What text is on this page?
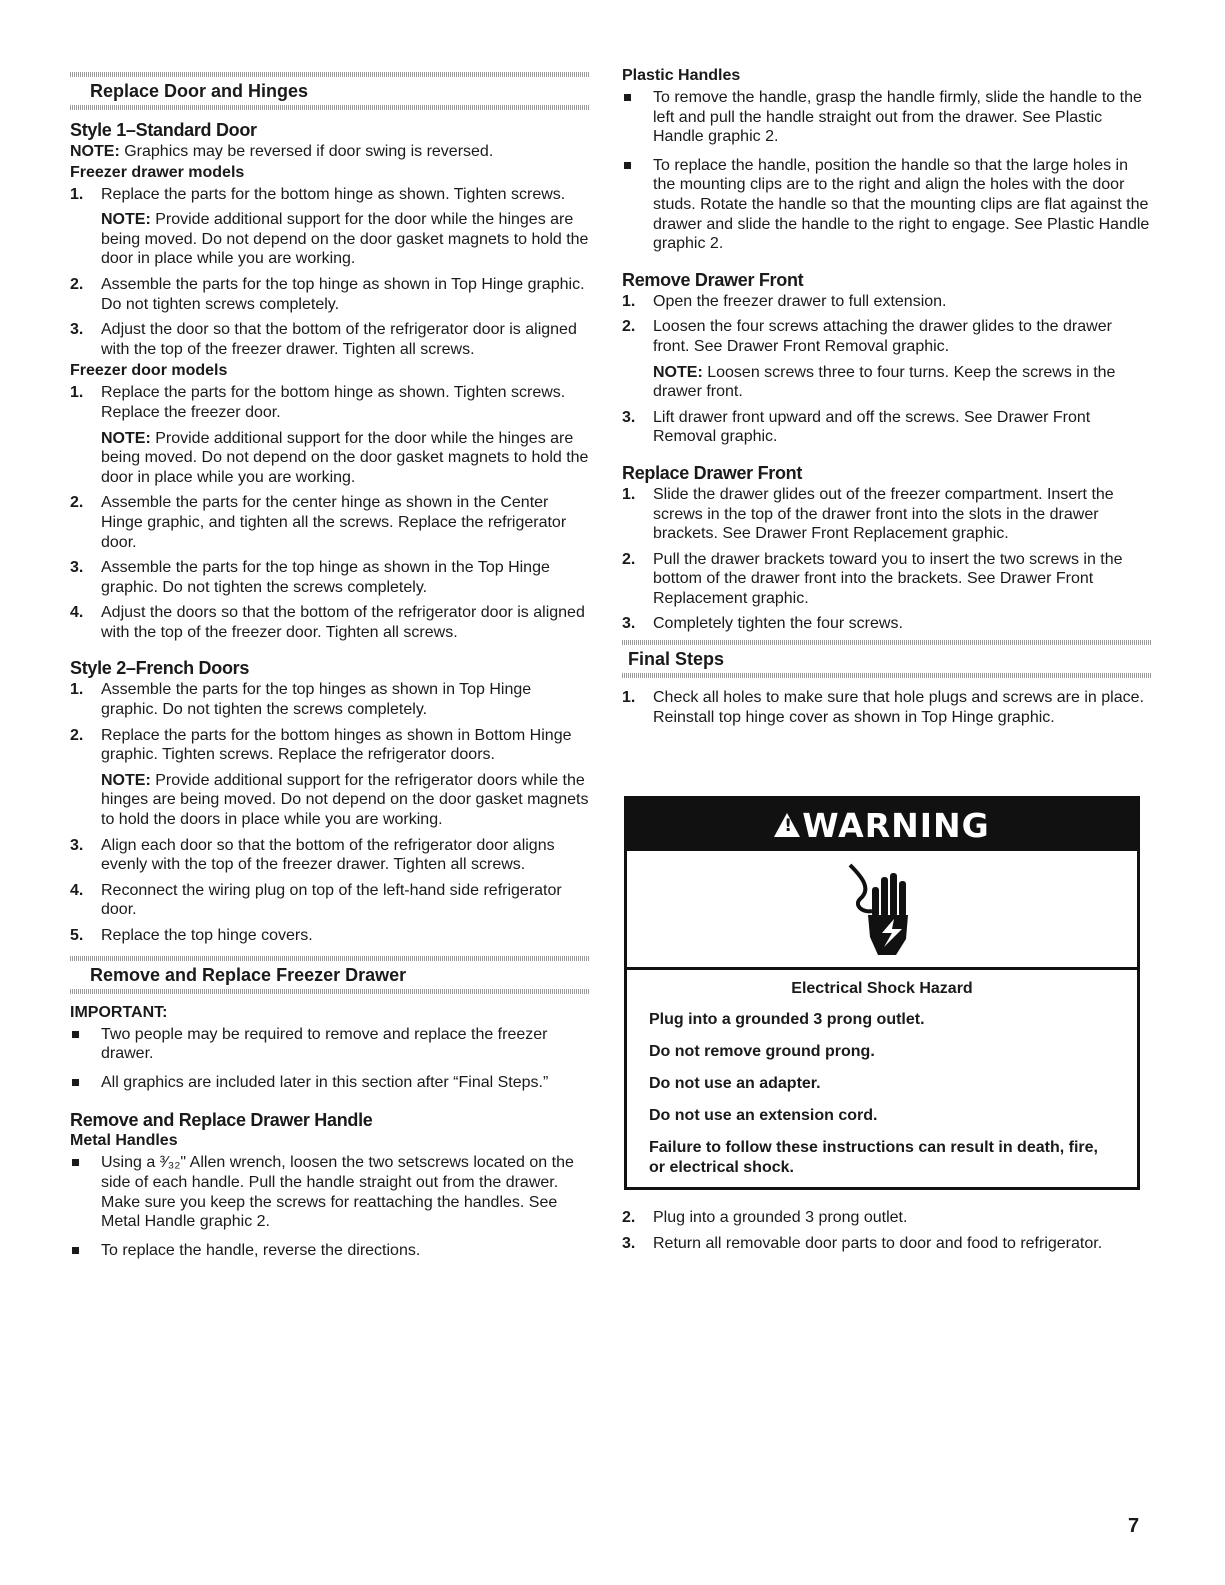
Replace Door and Hinges
Style 1–Standard Door

NOTE: Graphics may be reversed if door swing is reversed.

Freezer drawer models
1. Replace the parts for the bottom hinge as shown. Tighten screws.

NOTE: Provide additional support for the door while the hinges are being moved. Do not depend on the door gasket magnets to hold the door in place while you are working.

2. Assemble the parts for the top hinge as shown in Top Hinge graphic. Do not tighten screws completely.

3. Adjust the door so that the bottom of the refrigerator door is aligned with the top of the freezer drawer. Tighten all screws.

Freezer door models
1. Replace the parts for the bottom hinge as shown. Tighten screws. Replace the freezer door.

NOTE: Provide additional support for the door while the hinges are being moved. Do not depend on the door gasket magnets to hold the door in place while you are working.

2. Assemble the parts for the center hinge as shown in the Center Hinge graphic, and tighten all the screws. Replace the refrigerator door.

3. Assemble the parts for the top hinge as shown in the Top Hinge graphic. Do not tighten the screws completely.

4. Adjust the doors so that the bottom of the refrigerator door is aligned with the top of the freezer door. Tighten all screws.

Style 2–French Doors
1. Assemble the parts for the top hinges as shown in Top Hinge graphic. Do not tighten the screws completely.

2. Replace the parts for the bottom hinges as shown in Bottom Hinge graphic. Tighten screws. Replace the refrigerator doors.

NOTE: Provide additional support for the refrigerator doors while the hinges are being moved. Do not depend on the door gasket magnets to hold the doors in place while you are working.

3. Align each door so that the bottom of the refrigerator door aligns evenly with the top of the freezer drawer. Tighten all screws.

4. Reconnect the wiring plug on top of the left-hand side refrigerator door.

5. Replace the top hinge covers.

Remove and Replace Freezer Drawer
IMPORTANT:

Two people may be required to remove and replace the freezer drawer.

All graphics are included later in this section after “Final Steps.”

Remove and Replace Drawer Handle
Metal Handles

Using a ³⁄₃₂" Allen wrench, loosen the two setscrews located on the side of each handle. Pull the handle straight out from the drawer. Make sure you keep the screws for reattaching the handles. See Metal Handle graphic 2.

To replace the handle, reverse the directions.

Plastic Handles

To remove the handle, grasp the handle firmly, slide the handle to the left and pull the handle straight out from the drawer. See Plastic Handle graphic 2.

To replace the handle, position the handle so that the large holes in the mounting clips are to the right and align the holes with the door studs. Rotate the handle so that the mounting clips are flat against the drawer and slide the handle to the right to engage. See Plastic Handle graphic 2.

Remove Drawer Front
1. Open the freezer drawer to full extension.

2. Loosen the four screws attaching the drawer glides to the drawer front. See Drawer Front Removal graphic.

NOTE: Loosen screws three to four turns. Keep the screws in the drawer front.

3. Lift drawer front upward and off the screws. See Drawer Front Removal graphic.

Replace Drawer Front
1. Slide the drawer glides out of the freezer compartment. Insert the screws in the top of the drawer front into the slots in the drawer brackets. See Drawer Front Replacement graphic.

2. Pull the drawer brackets toward you to insert the two screws in the bottom of the drawer front into the brackets. See Drawer Front Replacement graphic.

3. Completely tighten the four screws.

Final Steps
1. Check all holes to make sure that hole plugs and screws are in place. Reinstall top hinge cover as shown in Top Hinge graphic.

!
WARNING
Electrical Shock Hazard
Plug into a grounded 3 prong outlet.
Do not remove ground prong.
Do not use an adapter.
Do not use an extension cord.
Failure to follow these instructions can result in death, fire, or electrical shock.
2. Plug into a grounded 3 prong outlet.

3. Return all removable door parts to door and food to refrigerator.

7
